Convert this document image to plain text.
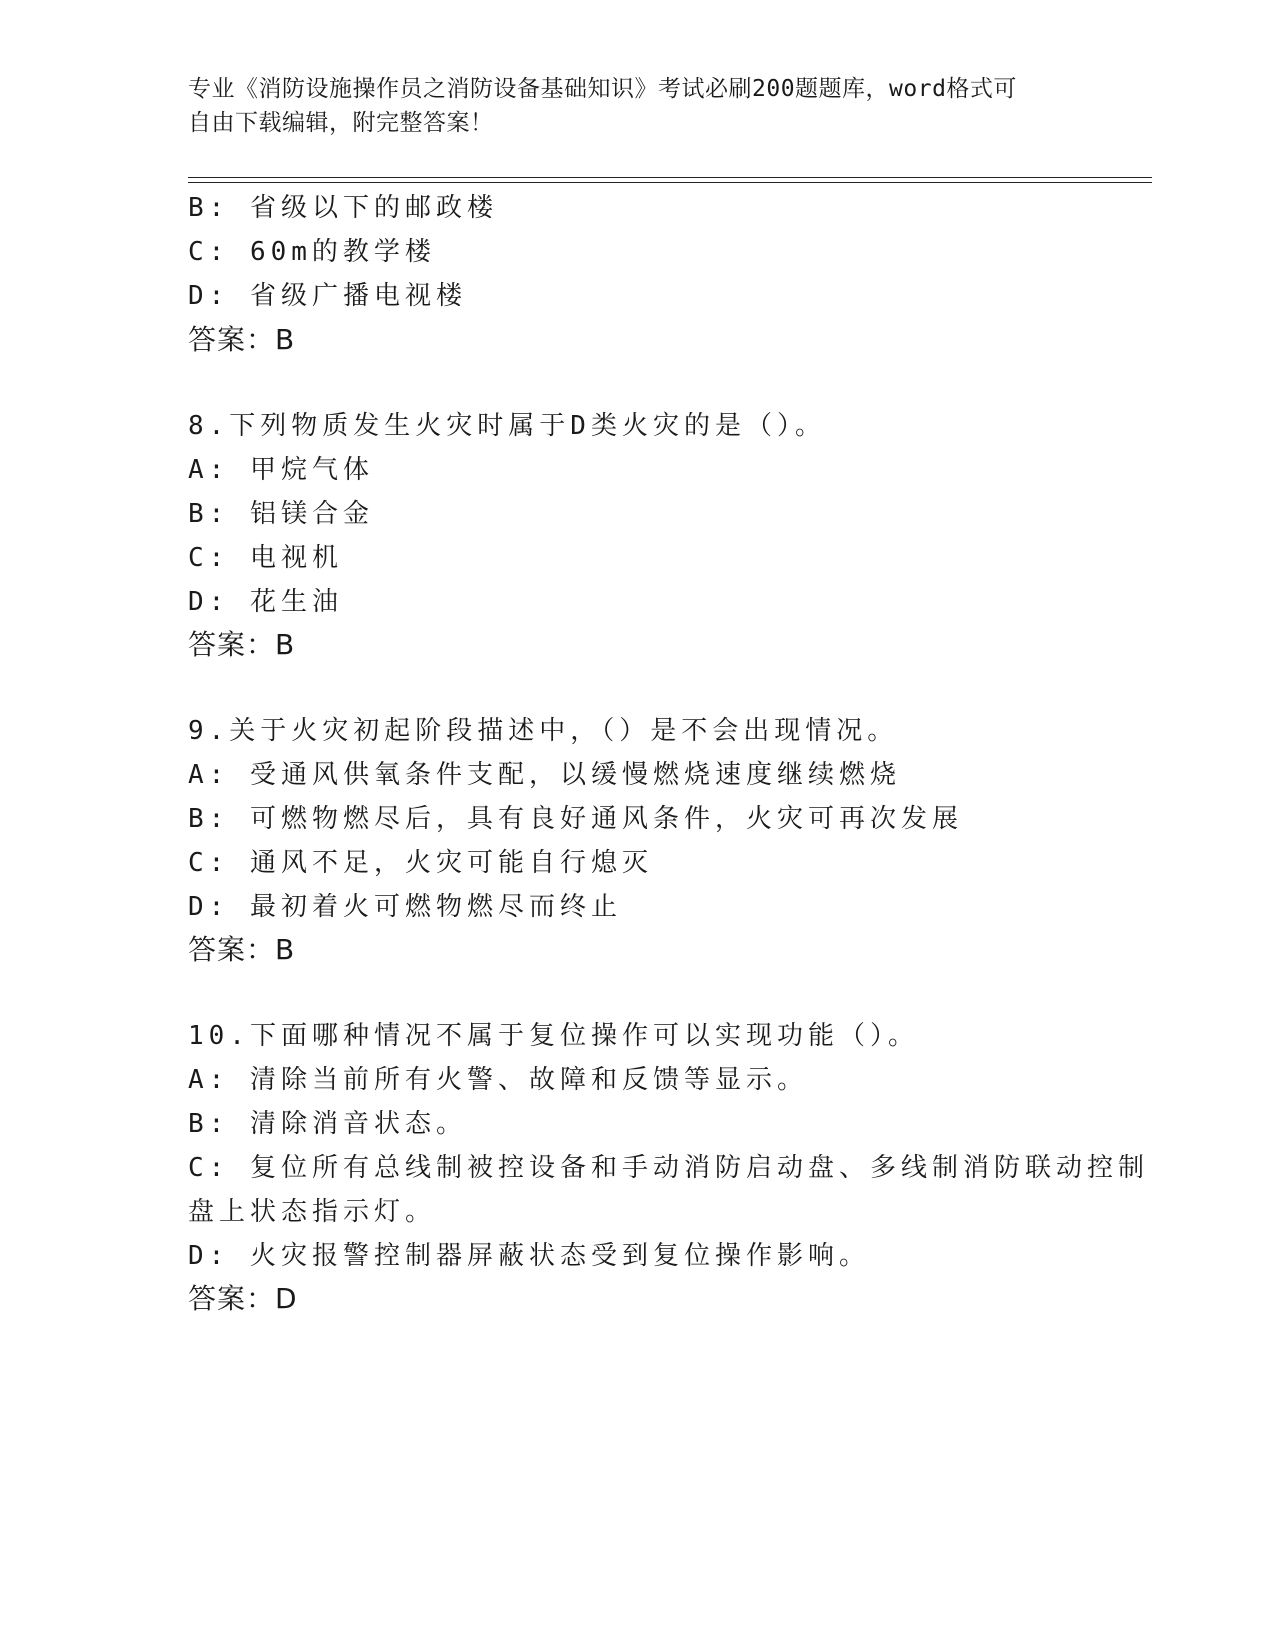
专业《消防设施操作员之消防设备基础知识》考试必刷200题题库，word格式可
自由下载编辑，附完整答案！
B: 省级以下的邮政楼
C: 60m的教学楼
D: 省级广播电视楼
答案：B
8.下列物质发生火灾时属于D类火灾的是（）。
A: 甲烷气体
B: 铝镁合金
C: 电视机
D: 花生油
答案：B
9.关于火灾初起阶段描述中，（）是不会出现情况。
A: 受通风供氧条件支配，以缓慢燃烧速度继续燃烧
B: 可燃物燃尽后，具有良好通风条件，火灾可再次发展
C: 通风不足，火灾可能自行熄灭
D: 最初着火可燃物燃尽而终止
答案：B
10.下面哪种情况不属于复位操作可以实现功能（）。
A: 清除当前所有火警、故障和反馈等显示。
B: 清除消音状态。
C: 复位所有总线制被控设备和手动消防启动盘、多线制消防联动控制
盘上状态指示灯。
D: 火灾报警控制器屏蔽状态受到复位操作影响。
答案：D
